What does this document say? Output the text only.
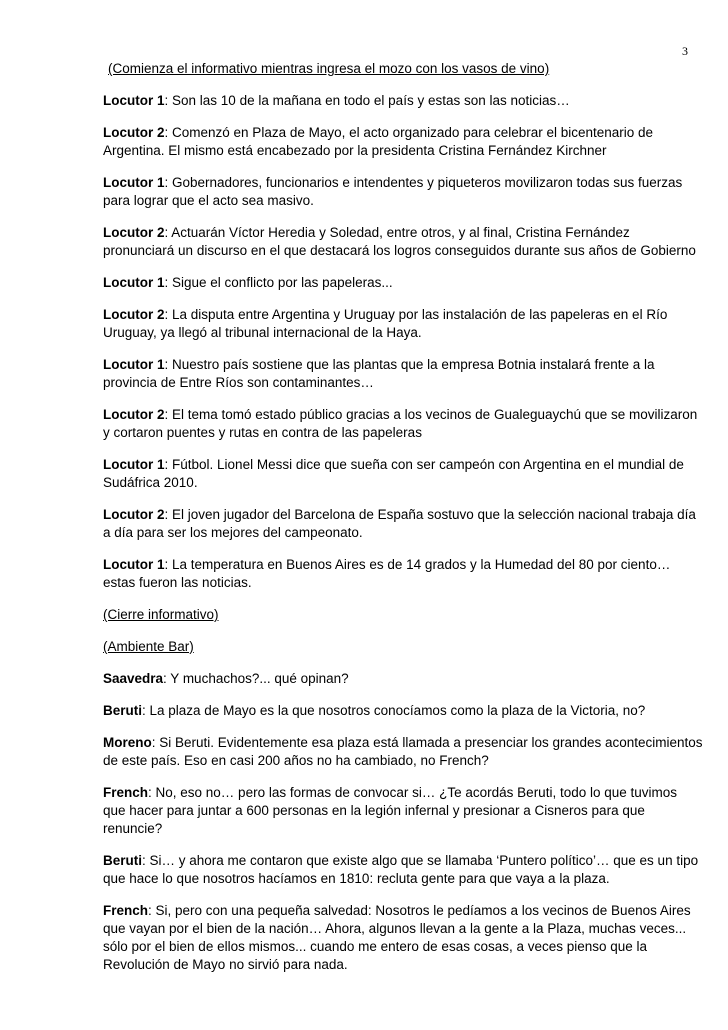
3

(Comienza el informativo mientras ingresa el mozo con los vasos de vino)

Locutor 1: Son las 10 de la mañana en todo el país y estas son las noticias…

Locutor 2: Comenzó en Plaza de Mayo, el acto organizado para celebrar el bicentenario de Argentina. El mismo está encabezado por la presidenta Cristina Fernández Kirchner

Locutor 1: Gobernadores, funcionarios e intendentes y piqueteros movilizaron todas sus fuerzas para lograr que el acto sea masivo.

Locutor 2: Actuarán Víctor Heredia y Soledad, entre otros, y al final, Cristina Fernández pronunciará un discurso en el que destacará los logros conseguidos durante sus años de Gobierno

Locutor 1: Sigue el conflicto por las papeleras...

Locutor 2: La disputa entre Argentina y Uruguay por las instalación de las papeleras en el Río Uruguay, ya llegó al tribunal internacional de la Haya.

Locutor 1: Nuestro país sostiene que las plantas que la empresa Botnia instalará frente a la provincia de Entre Ríos son contaminantes…

Locutor 2: El tema tomó estado público gracias a los vecinos de Gualeguaychú que se movilizaron y cortaron puentes y rutas en contra de las papeleras

Locutor 1: Fútbol. Lionel Messi dice que sueña con ser campeón con Argentina en el mundial de Sudáfrica 2010.

Locutor 2: El joven jugador del Barcelona de España sostuvo que la selección nacional trabaja día a día para ser los mejores del campeonato.

Locutor 1: La temperatura en Buenos Aires es de 14 grados y la Humedad del 80 por ciento… estas fueron las noticias.

(Cierre informativo)

(Ambiente Bar)

Saavedra: Y muchachos?... qué opinan?

Beruti: La plaza de Mayo es la que nosotros conocíamos como la plaza de la Victoria, no?

Moreno: Si Beruti. Evidentemente esa plaza está llamada a presenciar los grandes acontecimientos de este país. Eso en casi 200 años no ha cambiado, no French?

French: No, eso no… pero las formas de convocar si… ¿Te acordás Beruti, todo lo que tuvimos que hacer para juntar a 600 personas en la legión infernal y presionar a Cisneros para que renuncie?

Beruti: Si… y ahora me contaron que existe algo que se llamaba ‘Puntero político’… que es un tipo que hace lo que nosotros hacíamos en 1810: recluta gente para que vaya a la plaza.

French: Si, pero con una pequeña salvedad: Nosotros le pedíamos a los vecinos de Buenos Aires que vayan por el bien de la nación… Ahora, algunos llevan a la gente a la Plaza, muchas veces... sólo por el bien de ellos mismos... cuando me entero de esas cosas, a veces pienso que la Revolución de Mayo no sirvió para nada.
